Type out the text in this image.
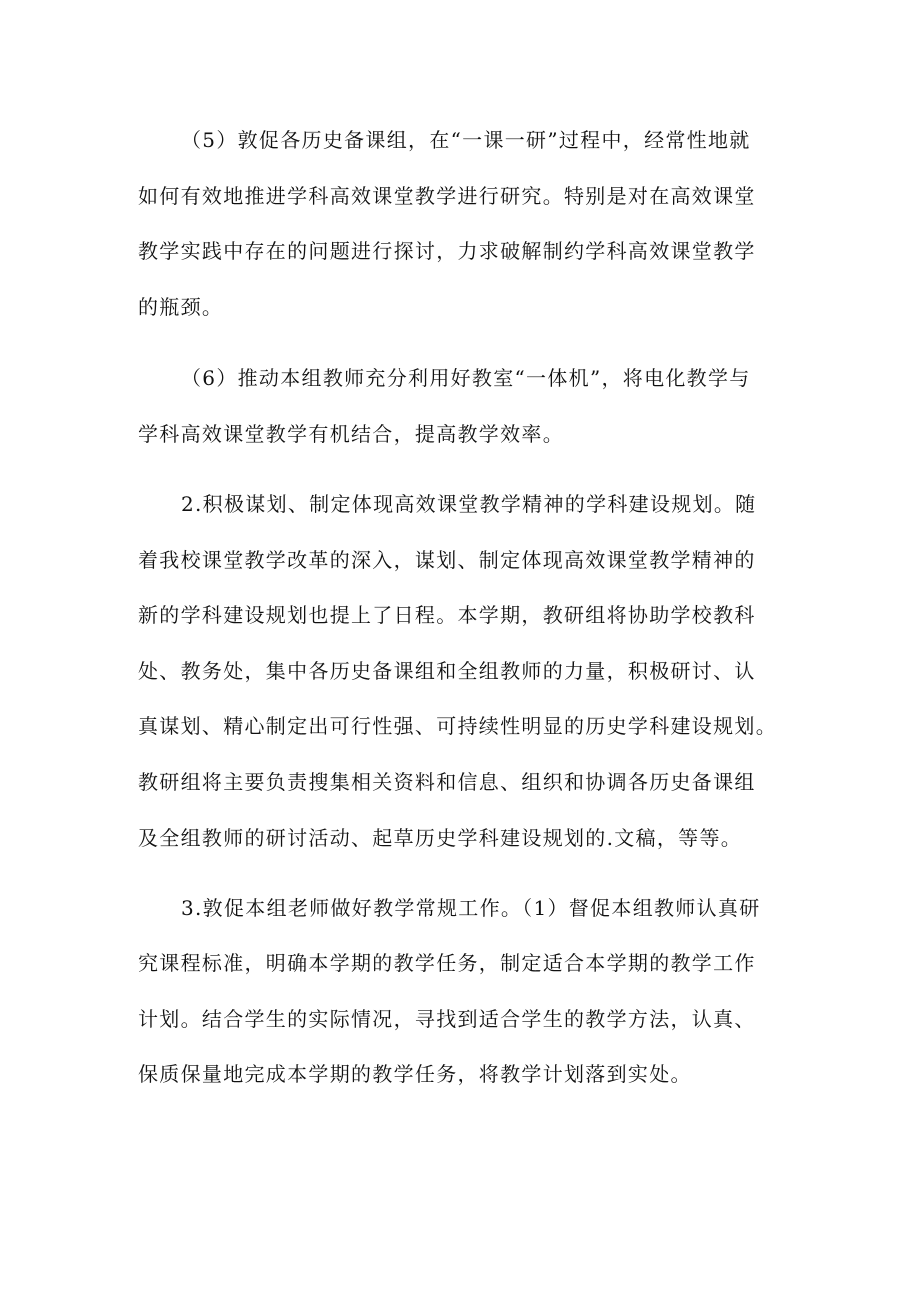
（5）敦促各历史备课组，在“一课一研”过程中，经常性地就
如何有效地推进学科高效课堂教学进行研究。特别是对在高效课堂
教学实践中存在的问题进行探讨，力求破解制约学科高效课堂教学
的瓶颈。
（6）推动本组教师充分利用好教室“一体机”，将电化教学与
学科高效课堂教学有机结合，提高教学效率。
2.积极谋划、制定体现高效课堂教学精神的学科建设规划。随
着我校课堂教学改革的深入，谋划、制定体现高效课堂教学精神的
新的学科建设规划也提上了日程。本学期，教研组将协助学校教科
处、教务处，集中各历史备课组和全组教师的力量，积极研讨、认
真谋划、精心制定出可行性强、可持续性明显的历史学科建设规划。
教研组将主要负责搜集相关资料和信息、组织和协调各历史备课组
及全组教师的研讨活动、起草历史学科建设规划的.文稿，等等。
3.敦促本组老师做好教学常规工作。（1）督促本组教师认真研
究课程标准，明确本学期的教学任务，制定适合本学期的教学工作
计划。结合学生的实际情况，寻找到适合学生的教学方法，认真、
保质保量地完成本学期的教学任务，将教学计划落到实处。
